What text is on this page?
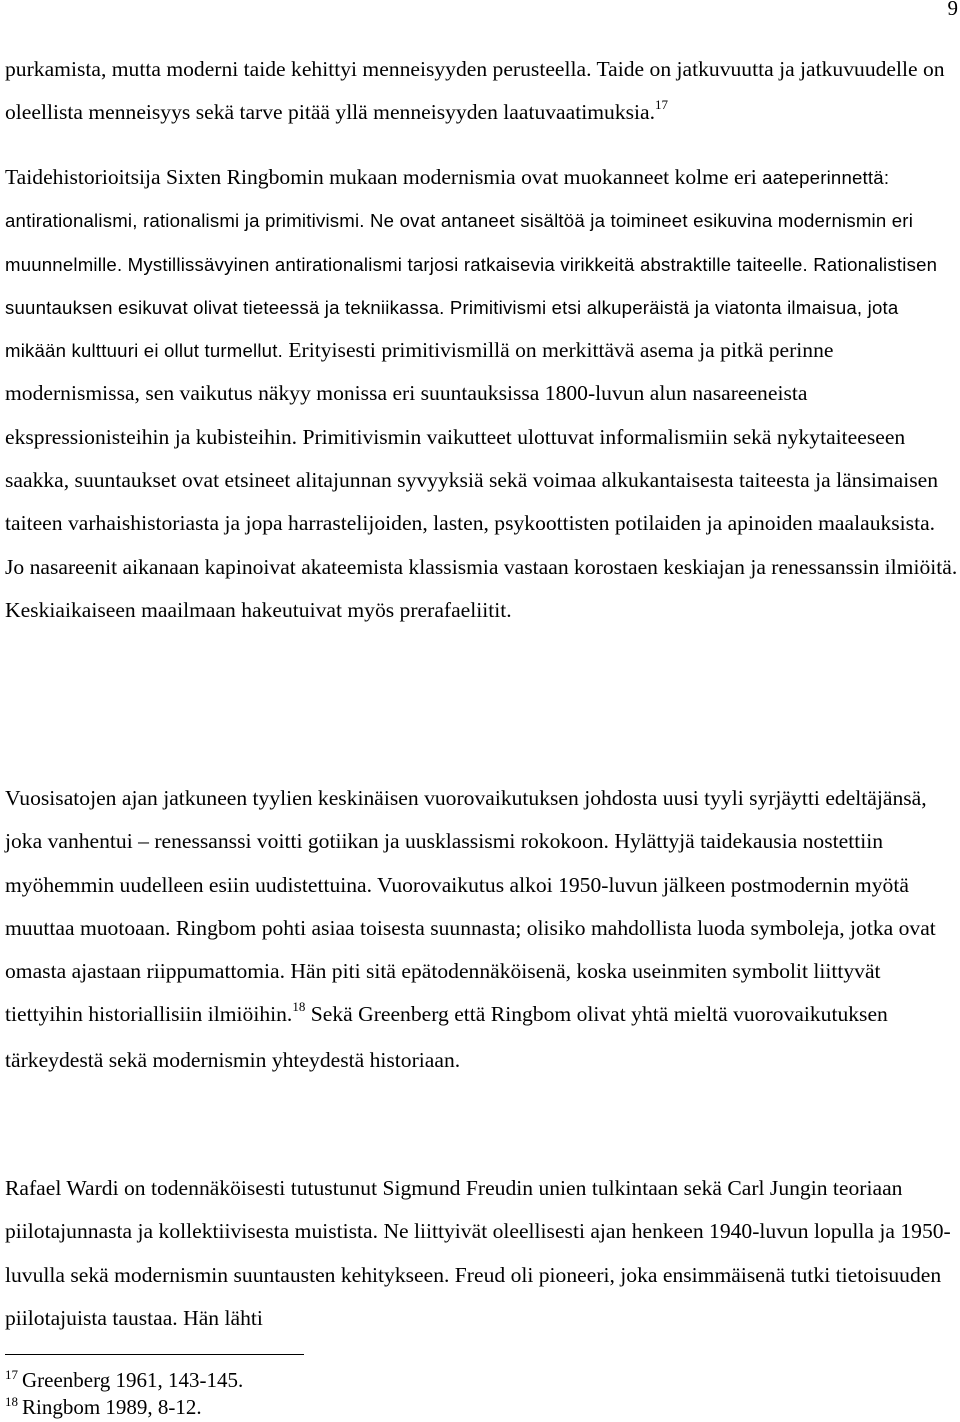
9

purkamista, mutta moderni taide kehittyi menneisyyden perusteella. Taide on jatkuvuutta ja jatkuvuudelle on oleellista menneisyys sekä tarve pitää yllä menneisyyden laatuvaatimuksia.$^{17}$

Taidehistorioitsija Sixten Ringbomin mukaan modernismia ovat muokanneet kolme eri aateperinnettä: antirationalismi, rationalismi ja primitivismi. Ne ovat antaneet sisältöä ja toimineet esikuvina modernismin eri muunnelmille. Mystillissävyinen antirationalismi tarjosi ratkaisevia virikkeitä abstraktille taiteelle. Rationalistisen suuntauksen esikuvat olivat tieteessä ja tekniikassa. Primitivismi etsi alkuperäistä ja viatonta ilmaisua, jota mikään kulttuuri ei ollut turmellut. Erityisesti primitivismillä on merkittävä asema ja pitkä perinne modernismissa, sen vaikutus näkyy monissa eri suuntauksissa 1800-luvun alun nasareeneista ekspressionisteihin ja kubisteihin. Primitivismin vaikutteet ulottuvat informalismiin sekä nykytaiteeseen saakka, suuntaukset ovat etsineet alitajunnan syvyyksiä sekä voimaa alkukantaisesta taiteesta ja länsimaisen taiteen varhaishistoriasta ja jopa harrastelijoiden, lasten, psykoottisten potilaiden ja apinoiden maalauksista. Jo nasareenit aikanaan kapinoivat akateemista klassismia vastaan korostaen keskiajan ja renessanssin ilmiöitä. Keskiaikaiseen maailmaan hakeutuivat myös prerafaeliitit.

Vuosisatojen ajan jatkuneen tyylien keskinäisen vuorovaikutuksen johdosta uusi tyyli syrjäytti edeltäjänsä, joka vanhentui – renessanssi voitti gotiikan ja uusklassismi rokokoon. Hylättyjä taidekausia nostettiin myöhemmin uudelleen esiin uudistettuina. Vuorovaikutus alkoi 1950-luvun jälkeen postmodernin myötä muuttaa muotoaan. Ringbom pohti asiaa toisesta suunnasta; olisiko mahdollista luoda symboleja, jotka ovat omasta ajastaan riippumattomia. Hän piti sitä epätodennäköisenä, koska useinmiten symbolit liittyvät tiettyihin historiallisiin ilmiöihin.$^{18}$ Sekä Greenberg että Ringbom olivat yhtä mieltä vuorovaikutuksen tärkeydestä sekä modernismin yhteydestä historiaan.

Rafael Wardi on todennäköisesti tutustunut Sigmund Freudin unien tulkintaan sekä Carl Jungin teoriaan piilotajunnasta ja kollektiivisesta muistista. Ne liittyivät oleellisesti ajan henkeen 1940-luvun lopulla ja 1950-luvulla sekä modernismin suuntausten kehitykseen. Freud oli pioneeri, joka ensimmäisenä tutki tietoisuuden piilotajuista taustaa. Hän lähti

$^{17}$ Greenberg 1961, 143-145.
$^{18}$ Ringbom 1989, 8-12.
